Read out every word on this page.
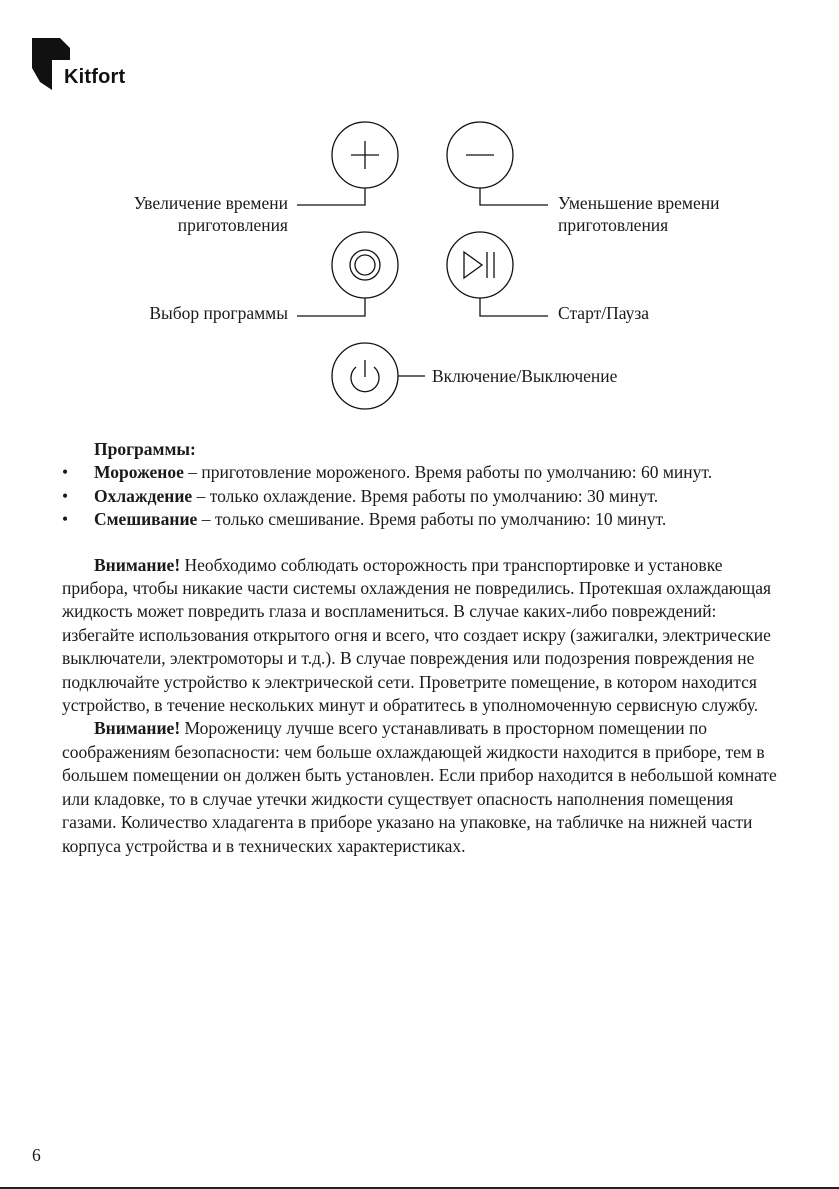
Kitfort
Увеличение времени
приготовления
Уменьшение времени
приготовления
Выбор программы	Старт/Пауза
Включение/Выключение

Программы:

• Мороженое – приготовление мороженого. Время работы по умолчанию: 60 минут.
• Охлаждение – только охлаждение. Время работы по умолчанию: 30 минут.
• Смешивание – только смешивание. Время работы по умолчанию: 10 минут.

Внимание! Необходимо соблюдать осторожность при транспортировке и установке прибора, чтобы никакие части системы охлаждения не повредились. Протекшая охлаждающая жидкость может повредить глаза и воспламениться. В случае каких-либо повреждений: избегайте использования открытого огня и всего, что создает искру (зажигалки, электрические выключатели, электромоторы и т.д.). В случае повреждения или подозрения повреждения не подключайте устройство к электрической сети. Проветрите помещение, в котором находится устройство, в течение нескольких минут и обратитесь в уполномоченную сервисную службу.

Внимание! Мороженицу лучше всего устанавливать в просторном помещении по соображениям безопасности: чем больше охлаждающей жидкости находится в приборе, тем в большем помещении он должен быть установлен. Если прибор находится в небольшой комнате или кладовке, то в случае утечки жидкости существует опасность наполнения помещения газами. Количество хладагента в приборе указано на упаковке, на табличке на нижней части корпуса устройства и в технических характеристиках.

6
